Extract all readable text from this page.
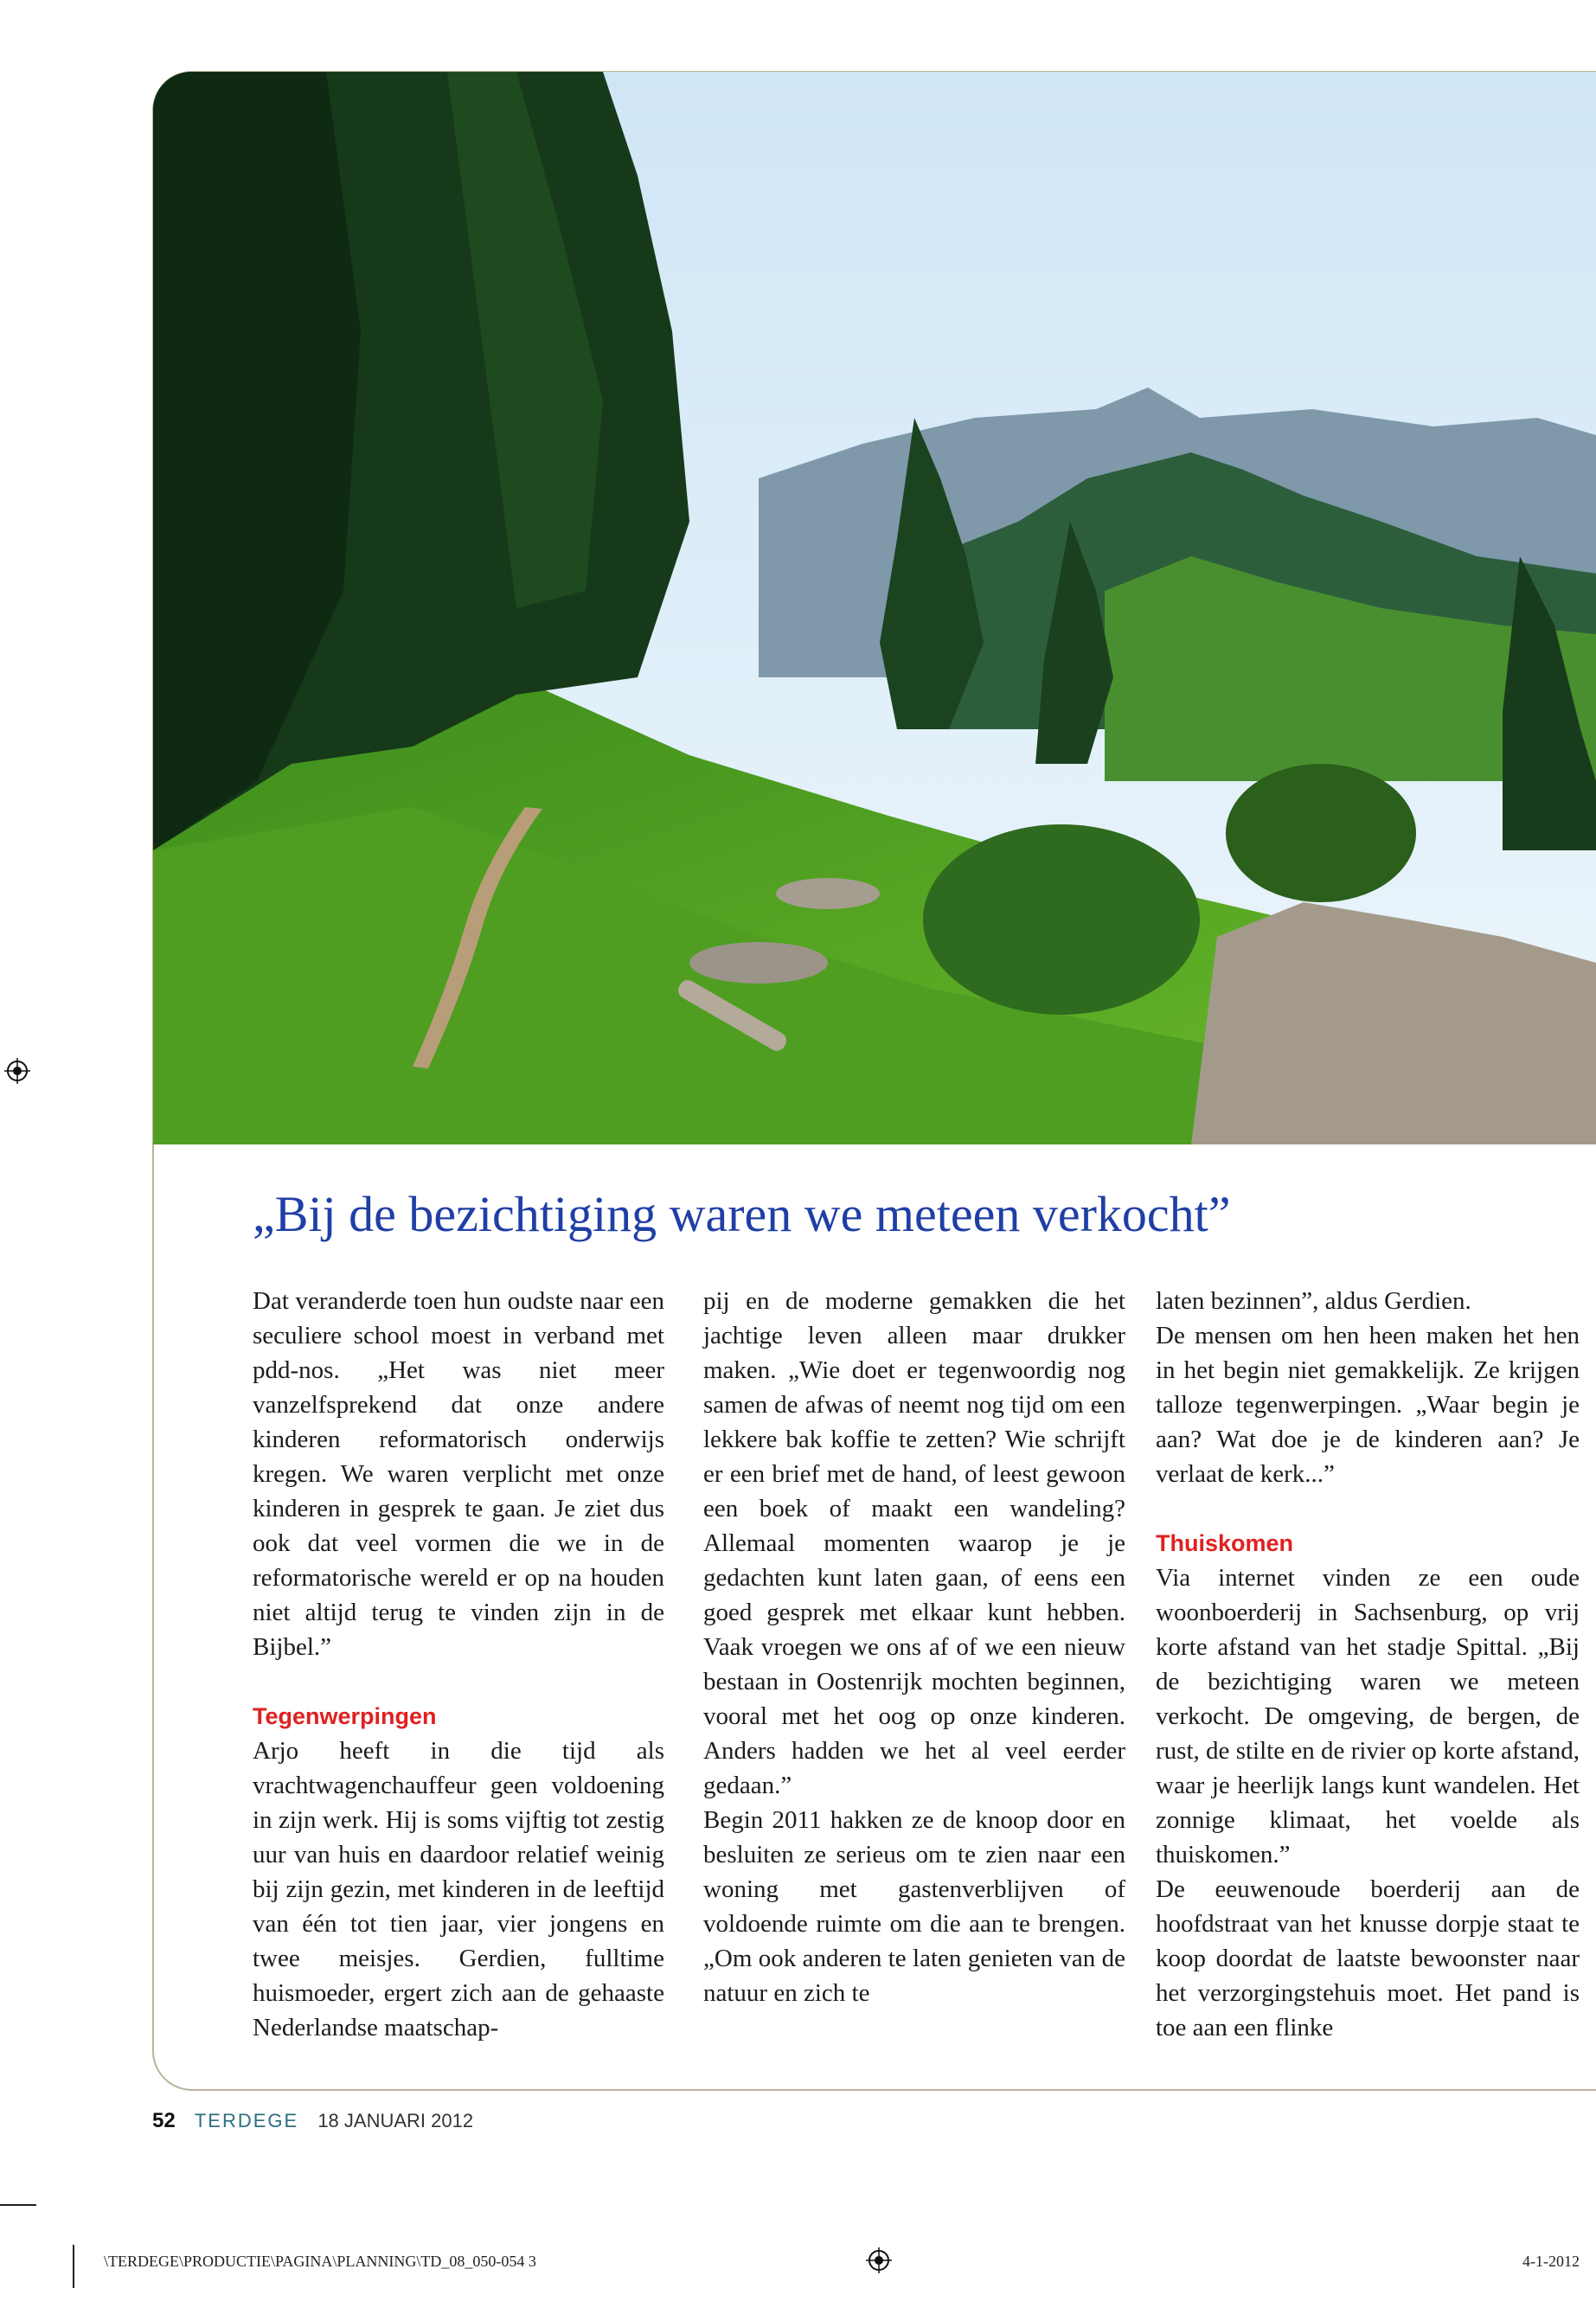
„Bij de bezichtiging waren we meteen verkocht”

Dat veranderde toen hun oudste naar een seculiere school moest in verband met pdd-nos. „Het was niet meer vanzelfsprekend dat onze andere kinderen reformatorisch onderwijs kregen. We waren verplicht met onze kinderen in gesprek te gaan. Je ziet dus ook dat veel vormen die we in de reformatorische wereld er op na houden niet altijd terug te vinden zijn in de Bijbel.”

Tegenwerpingen

Arjo heeft in die tijd als vrachtwagenchauffeur geen voldoening in zijn werk. Hij is soms vijftig tot zestig uur van huis en daardoor relatief weinig bij zijn gezin, met kinderen in de leeftijd van één tot tien jaar, vier jongens en twee meisjes. Gerdien, fulltime huismoeder, ergert zich aan de gehaaste Nederlandse maatschap-

pij en de moderne gemakken die het jachtige leven alleen maar drukker maken. „Wie doet er tegenwoordig nog samen de afwas of neemt nog tijd om een lekkere bak koffie te zetten? Wie schrijft er een brief met de hand, of leest gewoon een boek of maakt een wandeling? Allemaal momenten waarop je je gedachten kunt laten gaan, of eens een goed gesprek met elkaar kunt hebben. Vaak vroegen we ons af of we een nieuw bestaan in Oostenrijk mochten beginnen, vooral met het oog op onze kinderen. Anders hadden we het al veel eerder gedaan.”

Begin 2011 hakken ze de knoop door en besluiten ze serieus om te zien naar een woning met gastenverblijven of voldoende ruimte om die aan te brengen. „Om ook anderen te laten genieten van de natuur en zich te

laten bezinnen”, aldus Gerdien.

De mensen om hen heen maken het hen in het begin niet gemakkelijk. Ze krijgen talloze tegenwerpingen. „Waar begin je aan? Wat doe je de kinderen aan? Je verlaat de kerk...”

Thuiskomen

Via internet vinden ze een oude woonboerderij in Sachsenburg, op vrij korte afstand van het stadje Spittal. „Bij de bezichtiging waren we meteen verkocht. De omgeving, de bergen, de rust, de stilte en de rivier op korte afstand, waar je heerlijk langs kunt wandelen. Het zonnige klimaat, het voelde als thuiskomen.”

De eeuwenoude boerderij aan de hoofdstraat van het knusse dorpje staat te koop doordat de laatste bewoonster naar het verzorgingstehuis moet. Het pand is toe aan een flinke

52 TERDEGE 18 JANUARI 2012
\TERDEGE\PRODUCTIE\PAGINA\PLANNING\TD_08_050-054 3	4-1-2012
